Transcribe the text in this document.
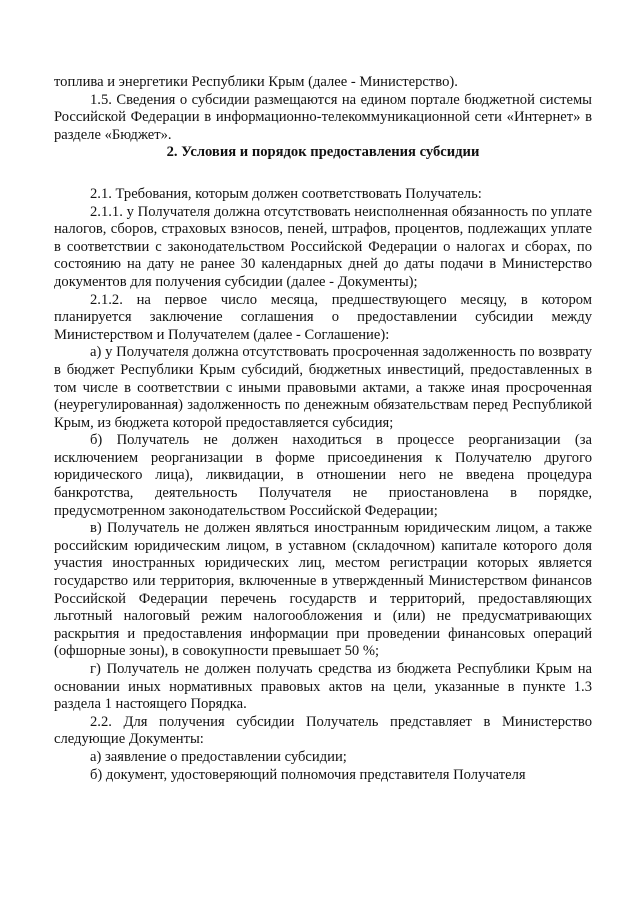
топлива и энергетики Республики Крым (далее - Министерство).

1.5. Сведения о субсидии размещаются на едином портале бюджетной системы Российской Федерации в информационно-телекоммуникационной сети «Интернет» в разделе «Бюджет».

2. Условия и порядок предоставления субсидии

2.1. Требования, которым должен соответствовать Получатель:

2.1.1. у Получателя должна отсутствовать неисполненная обязанность по уплате налогов, сборов, страховых взносов, пеней, штрафов, процентов, подлежащих уплате в соответствии с законодательством Российской Федерации о налогах и сборах, по состоянию на дату не ранее 30 календарных дней до даты подачи в Министерство документов для получения субсидии (далее - Документы);

2.1.2. на первое число месяца, предшествующего месяцу, в котором планируется заключение соглашения о предоставлении субсидии между Министерством и Получателем (далее - Соглашение):

а) у Получателя должна отсутствовать просроченная задолженность по возврату в бюджет Республики Крым субсидий, бюджетных инвестиций, предоставленных в том числе в соответствии с иными правовыми актами, а также иная просроченная (неурегулированная) задолженность по денежным обязательствам перед Республикой Крым, из бюджета которой предоставляется субсидия;

б) Получатель не должен находиться в процессе реорганизации (за исключением реорганизации в форме присоединения к Получателю другого юридического лица), ликвидации, в отношении него не введена процедура банкротства, деятельность Получателя не приостановлена в порядке, предусмотренном законодательством Российской Федерации;

в) Получатель не должен являться иностранным юридическим лицом, а также российским юридическим лицом, в уставном (складочном) капитале которого доля участия иностранных юридических лиц, местом регистрации которых является государство или территория, включенные в утвержденный Министерством финансов Российской Федерации перечень государств и территорий, предоставляющих льготный налоговый режим налогообложения и (или) не предусматривающих раскрытия и предоставления информации при проведении финансовых операций (офшорные зоны), в совокупности превышает 50 %;

г) Получатель не должен получать средства из бюджета Республики Крым на основании иных нормативных правовых актов на цели, указанные в пункте 1.3 раздела 1 настоящего Порядка.

2.2. Для получения субсидии Получатель представляет в Министерство следующие Документы:

а) заявление о предоставлении субсидии;

б) документ, удостоверяющий полномочия представителя Получателя
